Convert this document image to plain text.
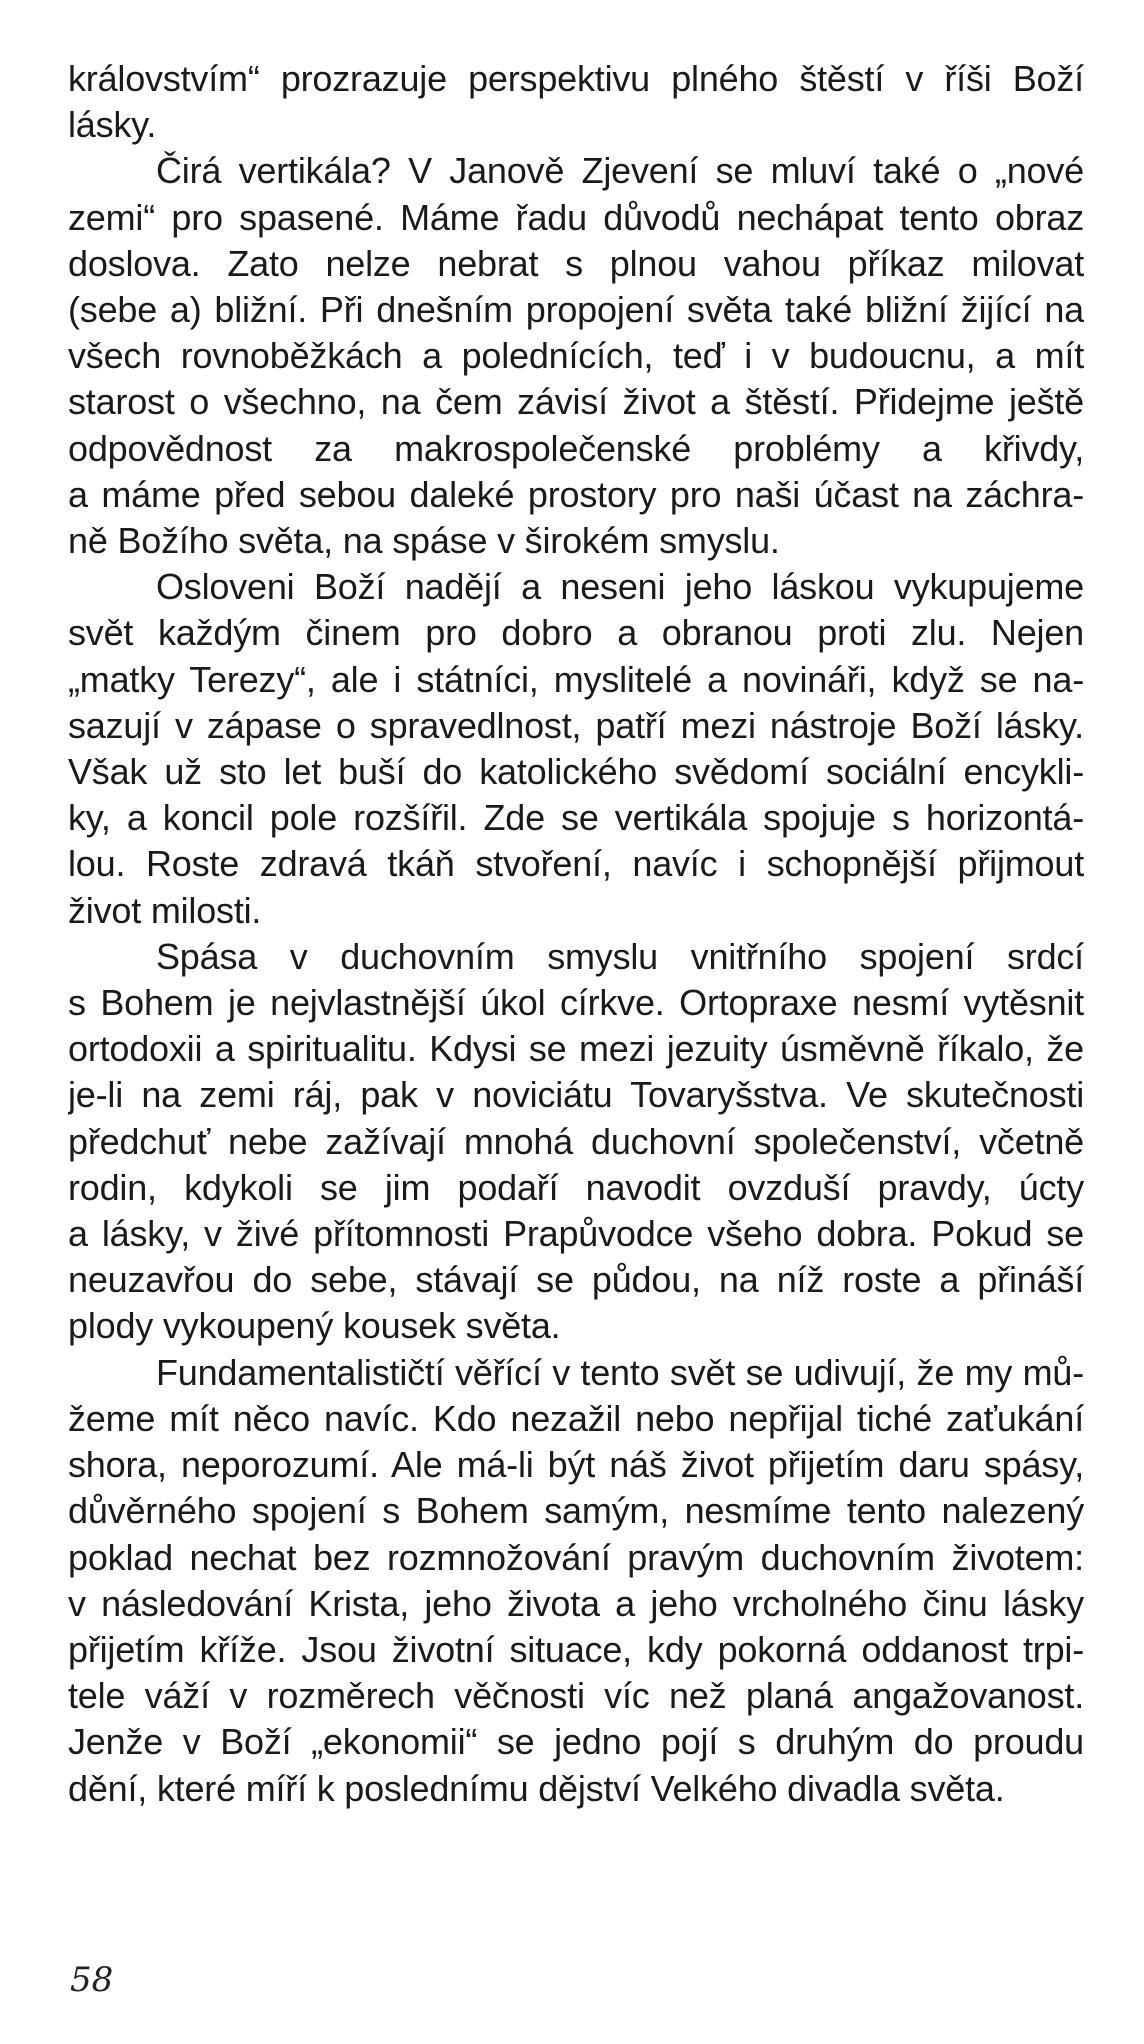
královstvím“ prozrazuje perspektivu plného štěstí v říši Boží
lásky.
Čirá vertikála? V Janově Zjevení se mluví také o „nové
zemi“ pro spasené. Máme řadu důvodů nechápat tento obraz
doslova. Zato nelze nebrat s plnou vahou příkaz milovat
(sebe a) bližní. Při dnešním propojení světa také bližní žijící na
všech rovnoběžkách a polednících, teď i v budoucnu, a mít
starost o všechno, na čem závisí život a štěstí. Přidejme ještě
odpovědnost za makrospolečenské problémy a křivdy,
a máme před sebou daleké prostory pro naši účast na záchra-
ně Božího světa, na spáse v širokém smyslu.
Osloveni Boží nadějí a neseni jeho láskou vykupujeme
svět každým činem pro dobro a obranou proti zlu. Nejen
„matky Terezy“, ale i státníci, myslitelé a novináři, když se na-
sazují v zápase o spravedlnost, patří mezi nástroje Boží lásky.
Však už sto let buší do katolického svědomí sociální encykli-
ky, a koncil pole rozšířil. Zde se vertikála spojuje s horizontá-
lou. Roste zdravá tkáň stvoření, navíc i schopnější přijmout
život milosti.
Spása v duchovním smyslu vnitřního spojení srdcí
s Bohem je nejvlastnější úkol církve. Ortopraxe nesmí vytěsnit
ortodoxii a spiritualitu. Kdysi se mezi jezuity úsměvně říkalo, že
je-li na zemi ráj, pak v noviciátu Tovaryšstva. Ve skutečnosti
předchuť nebe zažívají mnohá duchovní společenství, včetně
rodin, kdykoli se jim podaří navodit ovzduší pravdy, úcty
a lásky, v živé přítomnosti Prapůvodce všeho dobra. Pokud se
neuzavřou do sebe, stávají se půdou, na níž roste a přináší
plody vykoupený kousek světa.
Fundamentalističtí věřící v tento svět se udivují, že my mů-
žeme mít něco navíc. Kdo nezažil nebo nepřijal tiché zaťukání
shora, neporozumí. Ale má-li být náš život přijetím daru spásy,
důvěrného spojení s Bohem samým, nesmíme tento nalezený
poklad nechat bez rozmnožování pravým duchovním životem:
v následování Krista, jeho života a jeho vrcholného činu lásky
přijetím kříže. Jsou životní situace, kdy pokorná oddanost trpi-
tele váží v rozměrech věčnosti víc než planá angažovanost.
Jenže v Boží „ekonomii“ se jedno pojí s druhým do proudu
dění, které míří k poslednímu dějství Velkého divadla světa.
58
